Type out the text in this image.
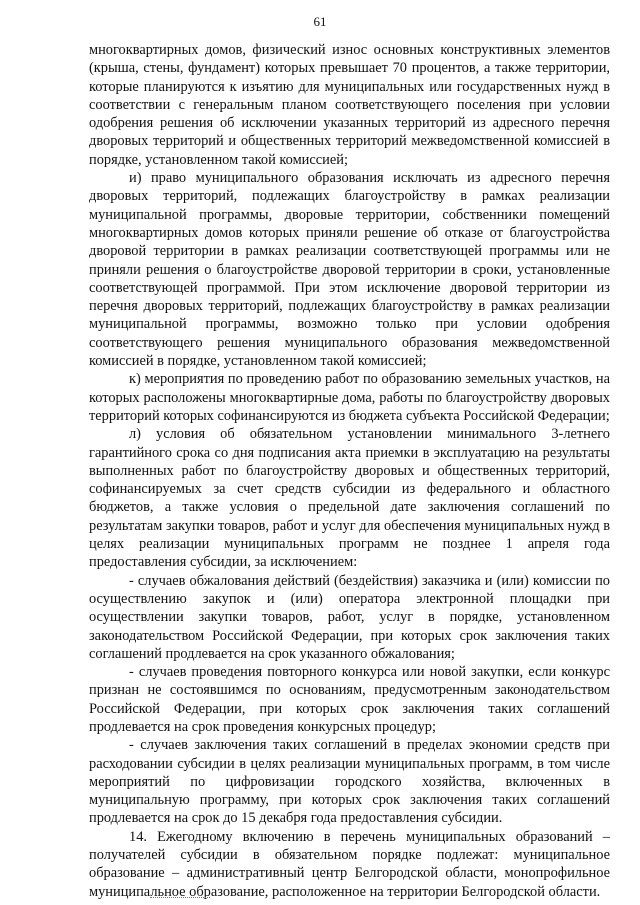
61

многоквартирных домов, физический износ основных конструктивных элементов (крыша, стены, фундамент) которых превышает 70 процентов, а также территории, которые планируются к изъятию для муниципальных или государственных нужд в соответствии с генеральным планом соответствующего поселения при условии одобрения решения об исключении указанных территорий из адресного перечня дворовых территорий и общественных территорий межведомственной комиссией в порядке, установленном такой комиссией;

и) право муниципального образования исключать из адресного перечня дворовых территорий, подлежащих благоустройству в рамках реализации муниципальной программы, дворовые территории, собственники помещений многоквартирных домов которых приняли решение об отказе от благоустройства дворовой территории в рамках реализации соответствующей программы или не приняли решения о благоустройстве дворовой территории в сроки, установленные соответствующей программой. При этом исключение дворовой территории из перечня дворовых территорий, подлежащих благоустройству в рамках реализации муниципальной программы, возможно только при условии одобрения соответствующего решения муниципального образования межведомственной комиссией в порядке, установленном такой комиссией;

к) мероприятия по проведению работ по образованию земельных участков, на которых расположены многоквартирные дома, работы по благоустройству дворовых территорий которых софинансируются из бюджета субъекта Российской Федерации;

л) условия об обязательном установлении минимального 3-летнего гарантийного срока со дня подписания акта приемки в эксплуатацию на результаты выполненных работ по благоустройству дворовых и общественных территорий, софинансируемых за счет средств субсидии из федерального и областного бюджетов, а также условия о предельной дате заключения соглашений по результатам закупки товаров, работ и услуг для обеспечения муниципальных нужд в целях реализации муниципальных программ не позднее 1 апреля года предоставления субсидии, за исключением:

- случаев обжалования действий (бездействия) заказчика и (или) комиссии по осуществлению закупок и (или) оператора электронной площадки при осуществлении закупки товаров, работ, услуг в порядке, установленном законодательством Российской Федерации, при которых срок заключения таких соглашений продлевается на срок указанного обжалования;

- случаев проведения повторного конкурса или новой закупки, если конкурс признан не состоявшимся по основаниям, предусмотренным законодательством Российской Федерации, при которых срок заключения таких соглашений продлевается на срок проведения конкурсных процедур;

- случаев заключения таких соглашений в пределах экономии средств при расходовании субсидии в целях реализации муниципальных программ, в том числе мероприятий по цифровизации городского хозяйства, включенных в муниципальную программу, при которых срок заключения таких соглашений продлевается на срок до 15 декабря года предоставления субсидии.

14. Ежегодному включению в перечень муниципальных образований – получателей субсидии в обязательном порядке подлежат: муниципальное образование – административный центр Белгородской области, монопрофильное муниципальное образование, расположенное на территории Белгородской области.
